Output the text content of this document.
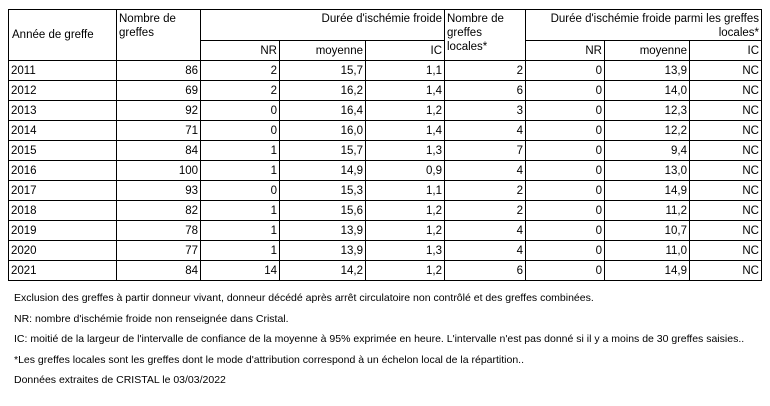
Année de greffe	Nombre de greffes	Durée d'ischémie froide			Nombre de greffes locales*	Durée d'ischémie froide parmi les greffes locales*		
		NR	moyenne	IC		NR	moyenne	IC
2011	86	2	15,7	1,1	2	0	13,9	NC
2012	69	2	16,2	1,4	6	0	14,0	NC
2013	92	0	16,4	1,2	3	0	12,3	NC
2014	71	0	16,0	1,4	4	0	12,2	NC
2015	84	1	15,7	1,3	7	0	9,4	NC
2016	100	1	14,9	0,9	4	0	13,0	NC
2017	93	0	15,3	1,1	2	0	14,9	NC
2018	82	1	15,6	1,2	2	0	11,2	NC
2019	78	1	13,9	1,2	4	0	10,7	NC
2020	77	1	13,9	1,3	4	0	11,0	NC
2021	84	14	14,2	1,2	6	0	14,9	NC

Exclusion des greffes à partir donneur vivant, donneur décédé après arrêt circulatoire non contrôlé et des greffes combinées.

NR: nombre d'ischémie froide non renseignée dans Cristal.

IC: moitié de la largeur de l'intervalle de confiance de la moyenne à 95% exprimée en heure. L'intervalle n'est pas donné si il y a moins de 30 greffes saisies..

*Les greffes locales sont les greffes dont le mode d'attribution correspond à un échelon local de la répartition..

Données extraites de CRISTAL le 03/03/2022
